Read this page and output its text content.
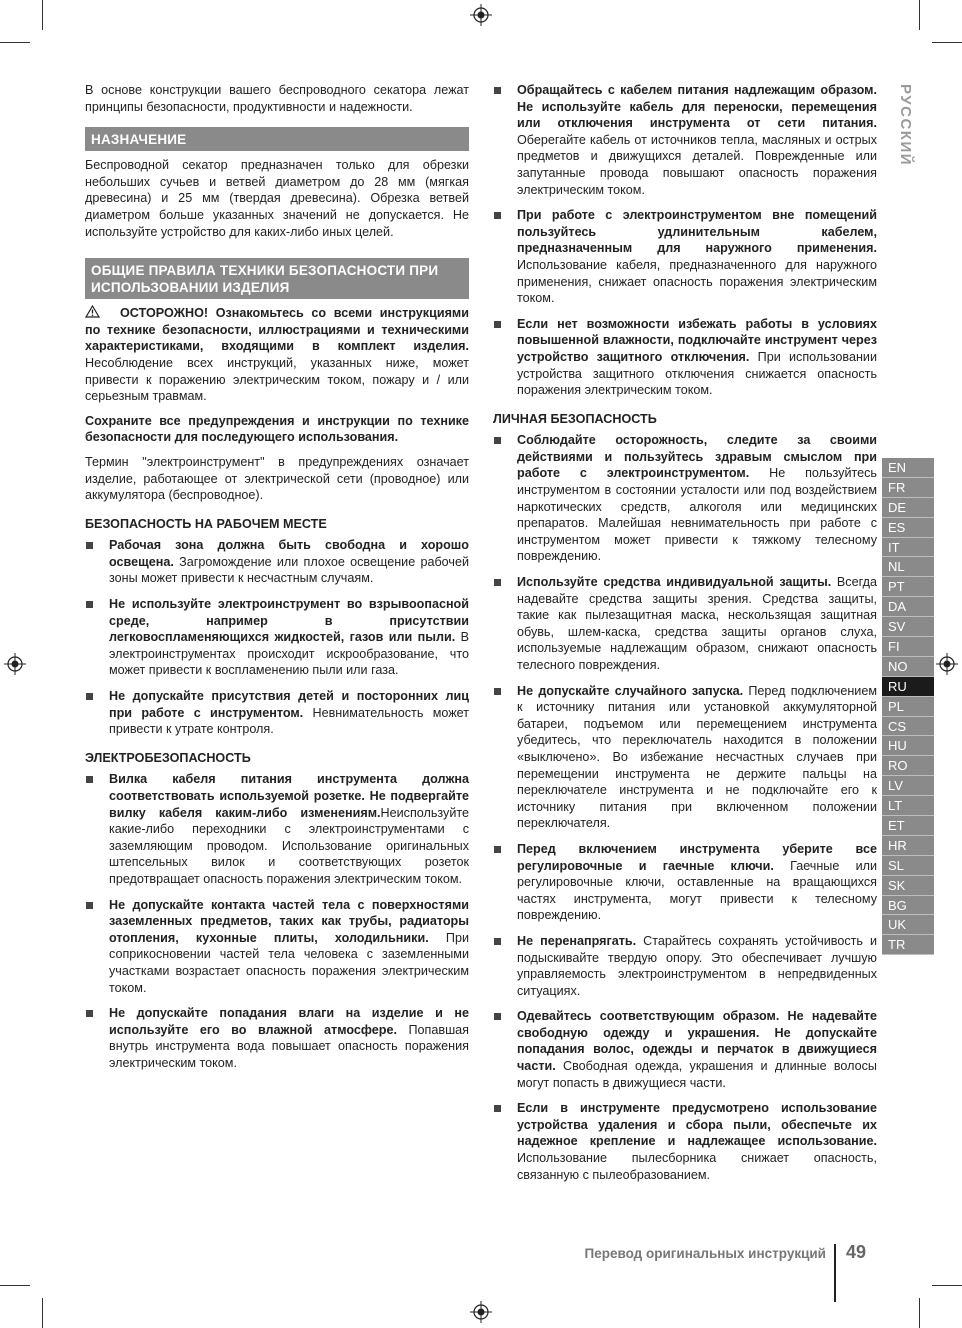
РУССКИЙ

В основе конструкции вашего беспроводного секатора лежат принципы безопасности, продуктивности и надежности.

НАЗНАЧЕНИЕ

Беспроводной секатор предназначен только для обрезки небольших сучьев и ветвей диаметром до 28 мм (мягкая древесина) и 25 мм (твердая древесина). Обрезка ветвей диаметром больше указанных значений не допускается. Не используйте устройство для каких-либо иных целей.

ОБЩИЕ ПРАВИЛА ТЕХНИКИ БЕЗОПАСНОСТИ ПРИ ИСПОЛЬЗОВАНИИ ИЗДЕЛИЯ

ОСТОРОЖНО! Ознакомьтесь со всеми инструкциями по технике безопасности, иллюстрациями и техническими характеристиками, входящими в комплект изделия. Несоблюдение всех инструкций, указанных ниже, может привести к поражению электрическим током, пожару и / или серьезным травмам.

Сохраните все предупреждения и инструкции по технике безопасности для последующего использования.

Термин "электроинструмент" в предупреждениях означает изделие, работающее от электрической сети (проводное) или аккумулятора (беспроводное).

БЕЗОПАСНОСТЬ НА РАБОЧЕМ МЕСТЕ
Рабочая зона должна быть свободна и хорошо освещена. Загромождение или плохое освещение рабочей зоны может привести к несчастным случаям.
Не используйте электроинструмент во взрывоопасной среде, например в присутствии легковоспламеняющихся жидкостей, газов или пыли. В электроинструментах происходит искрообразование, что может привести к воспламенению пыли или газа.
Не допускайте присутствия детей и посторонних лиц при работе с инструментом. Невнимательность может привести к утрате контроля.
ЭЛЕКТРОБЕЗОПАСНОСТЬ
Вилка кабеля питания инструмента должна соответствовать используемой розетке. Не подвергайте вилку кабеля каким-либо изменениям.Неиспользуйте какие-либо переходники с электроинструментами с заземляющим проводом. Использование оригинальных штепсельных вилок и соответствующих розеток предотвращает опасность поражения электрическим током.
Не допускайте контакта частей тела с поверхностями заземленных предметов, таких как трубы, радиаторы отопления, кухонные плиты, холодильники. При соприкосновении частей тела человека с заземленными участками возрастает опасность поражения электрическим током.
Не допускайте попадания влаги на изделие и не используйте его во влажной атмосфере. Попавшая внутрь инструмента вода повышает опасность поражения электрическим током.
Обращайтесь с кабелем питания надлежащим образом. Не используйте кабель для переноски, перемещения или отключения инструмента от сети питания. Оберегайте кабель от источников тепла, масляных и острых предметов и движущихся деталей. Поврежденные или запутанные провода повышают опасность поражения электрическим током.
При работе с электроинструментом вне помещений пользуйтесь удлинительным кабелем, предназначенным для наружного применения. Использование кабеля, предназначенного для наружного применения, снижает опасность поражения электрическим током.
Если нет возможности избежать работы в условиях повышенной влажности, подключайте инструмент через устройство защитного отключения. При использовании устройства защитного отключения снижается опасность поражения электрическим током.
ЛИЧНАЯ БЕЗОПАСНОСТЬ
Соблюдайте осторожность, следите за своими действиями и пользуйтесь здравым смыслом при работе с электроинструментом. Не пользуйтесь инструментом в состоянии усталости или под воздействием наркотических средств, алкоголя или медицинских препаратов. Малейшая невнимательность при работе с инструментом может привести к тяжкому телесному повреждению.
Используйте средства индивидуальной защиты. Всегда надевайте средства защиты зрения. Средства защиты, такие как пылезащитная маска, нескользящая защитная обувь, шлем-каска, средства защиты органов слуха, используемые надлежащим образом, снижают опасность телесного повреждения.
Не допускайте случайного запуска. Перед подключением к источнику питания или установкой аккумуляторной батареи, подъемом или перемещением инструмента убедитесь, что переключатель находится в положении «выключено». Во избежание несчастных случаев при перемещении инструмента не держите пальцы на переключателе инструмента и не подключайте его к источнику питания при включенном положении переключателя.
Перед включением инструмента уберите все регулировочные и гаечные ключи. Гаечные или регулировочные ключи, оставленные на вращающихся частях инструмента, могут привести к телесному повреждению.
Не перенапрягать. Старайтесь сохранять устойчивость и подыскивайте твердую опору. Это обеспечивает лучшую управляемость электроинструментом в непредвиденных ситуациях.
Одевайтесь соответствующим образом. Не надевайте свободную одежду и украшения. Не допускайте попадания волос, одежды и перчаток в движущиеся части. Свободная одежда, украшения и длинные волосы могут попасть в движущиеся части.
Если в инструменте предусмотрено использование устройства удаления и сбора пыли, обеспечьте их надежное крепление и надлежащее использование. Использование пылесборника снижает опасность, связанную с пылеобразованием.
EN
FR
DE
ES
IT
NL
PT
DA
SV
FI
NO
RU
PL
CS
HU
RO
LV
LT
ET
HR
SL
SK
BG
UK
TR
Перевод оригинальных инструкций 49
